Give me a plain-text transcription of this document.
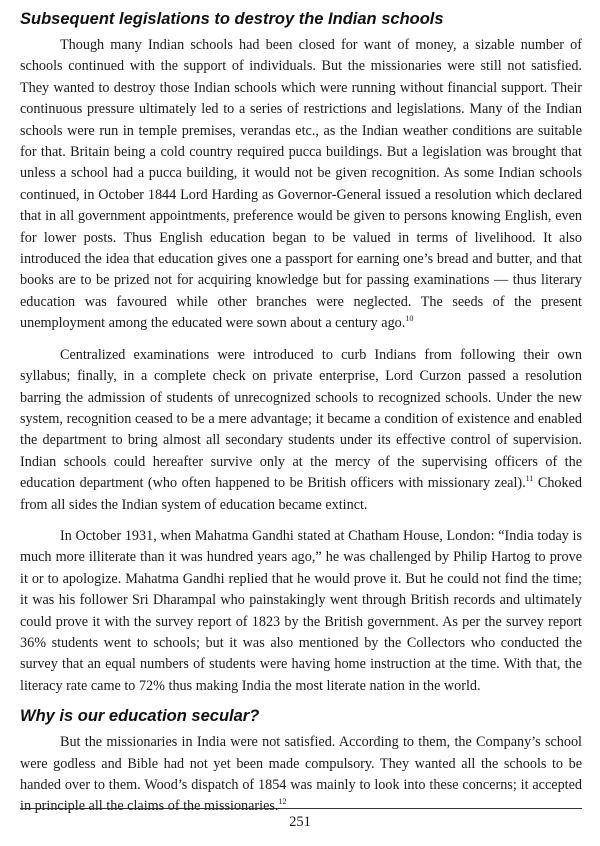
Subsequent legislations to destroy the Indian schools

Though many Indian schools had been closed for want of money, a sizable number of schools continued with the support of individuals. But the missionaries were still not satisfied. They wanted to destroy those Indian schools which were running without financial support. Their continuous pressure ultimately led to a series of restrictions and legislations. Many of the Indian schools were run in temple premises, verandas etc., as the Indian weather conditions are suitable for that. Britain being a cold country required pucca buildings. But a legislation was brought that unless a school had a pucca building, it would not be given recognition. As some Indian schools continued, in October 1844 Lord Harding as Governor-General issued a resolution which declared that in all government appointments, preference would be given to persons knowing English, even for lower posts. Thus English education began to be valued in terms of livelihood. It also introduced the idea that education gives one a passport for earning one’s bread and butter, and that books are to be prized not for acquiring knowledge but for passing examinations — thus literary education was favoured while other branches were neglected. The seeds of the present unemployment among the educated were sown about a century ago.$^{10}$

Centralized examinations were introduced to curb Indians from following their own syllabus; finally, in a complete check on private enterprise, Lord Curzon passed a resolution barring the admission of students of unrecognized schools to recognized schools. Under the new system, recognition ceased to be a mere advantage; it became a condition of existence and enabled the department to bring almost all secondary students under its effective control of supervision. Indian schools could hereafter survive only at the mercy of the supervising officers of the education department (who often happened to be British officers with missionary zeal).$^{11}$ Choked from all sides the Indian system of education became extinct.

In October 1931, when Mahatma Gandhi stated at Chatham House, London: “India today is much more illiterate than it was hundred years ago,” he was challenged by Philip Hartog to prove it or to apologize. Mahatma Gandhi replied that he would prove it. But he could not find the time; it was his follower Sri Dharampal who painstakingly went through British records and ultimately could prove it with the survey report of 1823 by the British government. As per the survey report 36% students went to schools; but it was also mentioned by the Collectors who conducted the survey that an equal numbers of students were having home instruction at the time. With that, the literacy rate came to 72% thus making India the most literate nation in the world.

Why is our education secular?

But the missionaries in India were not satisfied. According to them, the Company’s school were godless and Bible had not yet been made compulsory. They wanted all the schools to be handed over to them. Wood’s dispatch of 1854 was mainly to look into these concerns; it accepted in principle all the claims of the missionaries.$^{12}$

251
